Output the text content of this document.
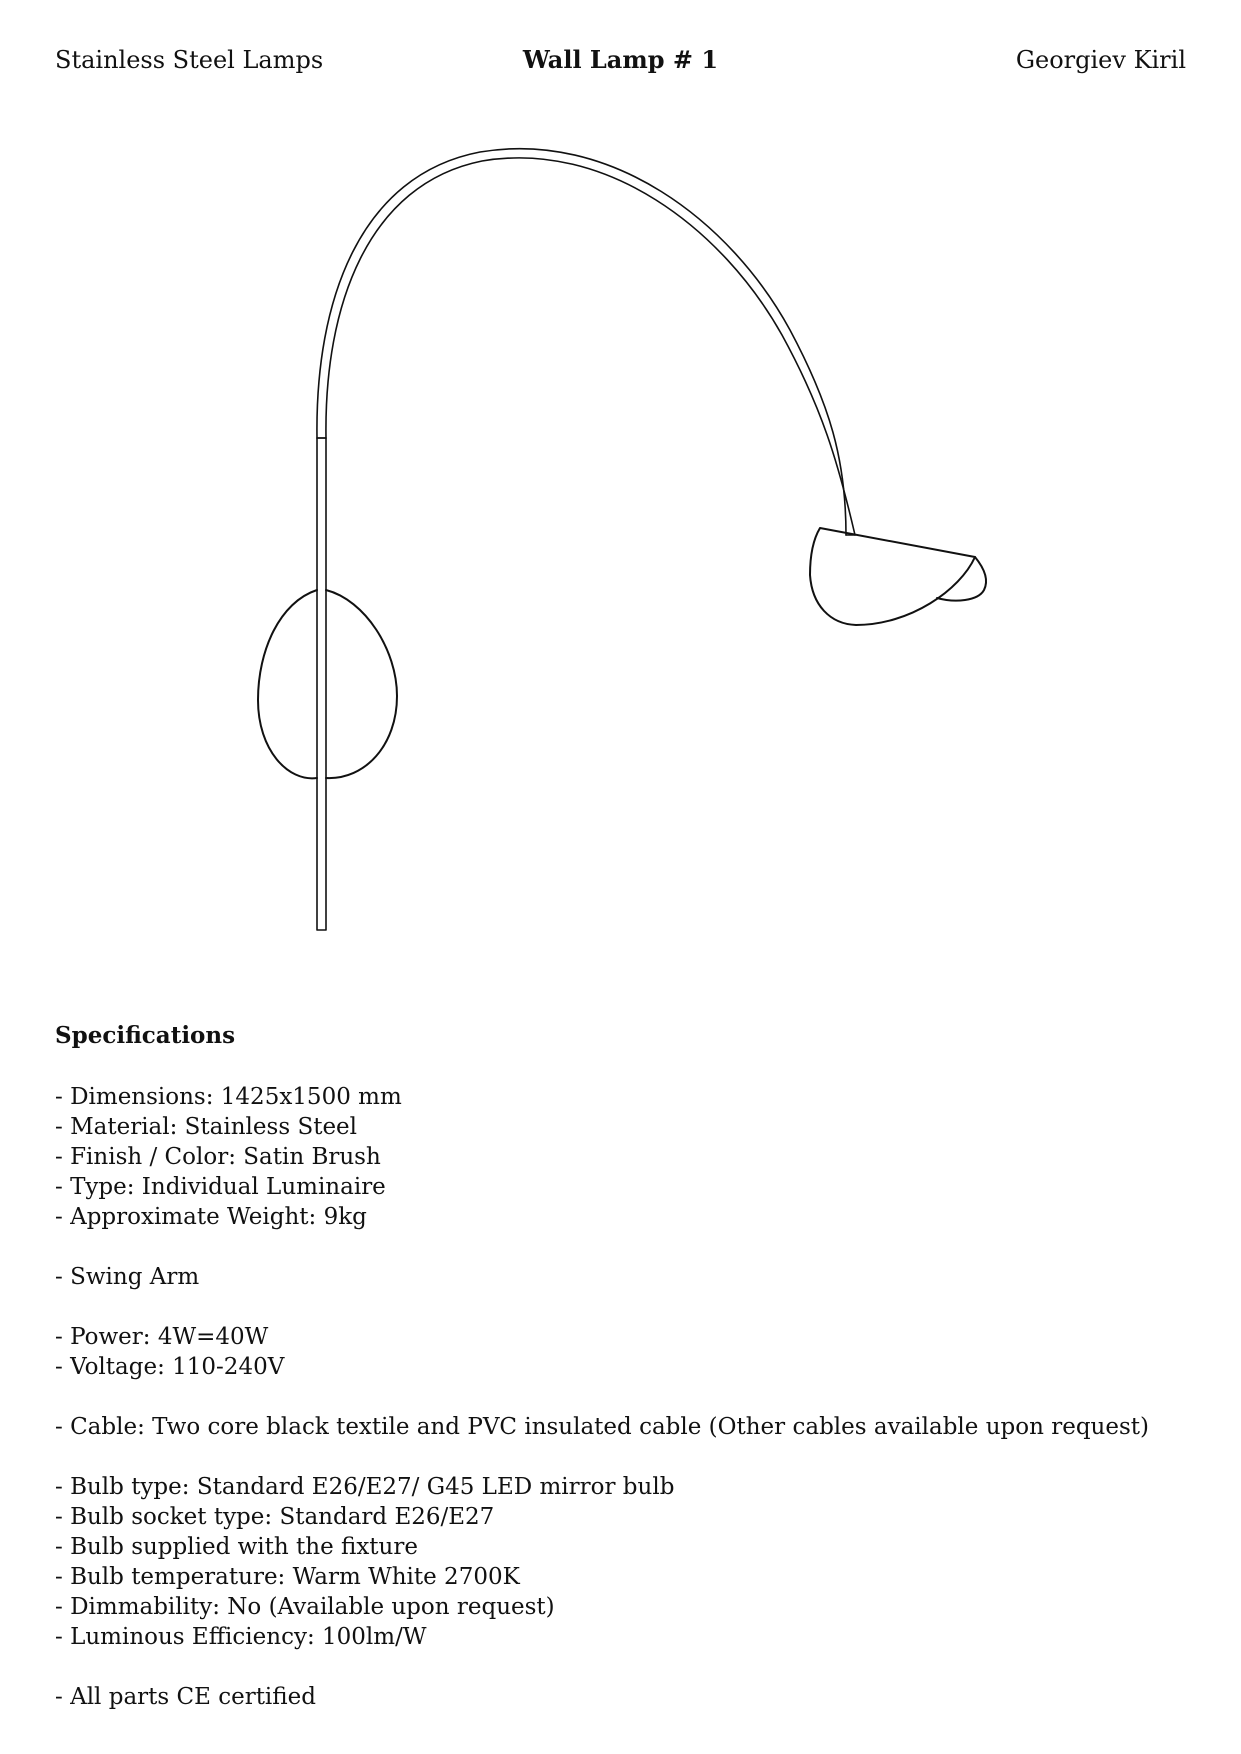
Stainless Steel Lamps	Wall Lamp # 1	Georgiev Kiril
Specifications
- Dimensions: 1425x1500 mm
- Material: Stainless Steel
- Finish / Color: Satin Brush
- Type: Individual Luminaire
- Approximate Weight: 9kg
- Swing Arm
- Power: 4W=40W
- Voltage: 110-240V
- Cable: Two core black textile and PVC insulated cable (Other cables available upon request)
- Bulb type: Standard E26/E27/ G45 LED mirror bulb
- Bulb socket type: Standard E26/E27
- Bulb supplied with the fixture
- Bulb temperature: Warm White 2700K
- Dimmability: No (Available upon request)
- Luminous Efficiency: 100lm/W
- All parts CE certified
